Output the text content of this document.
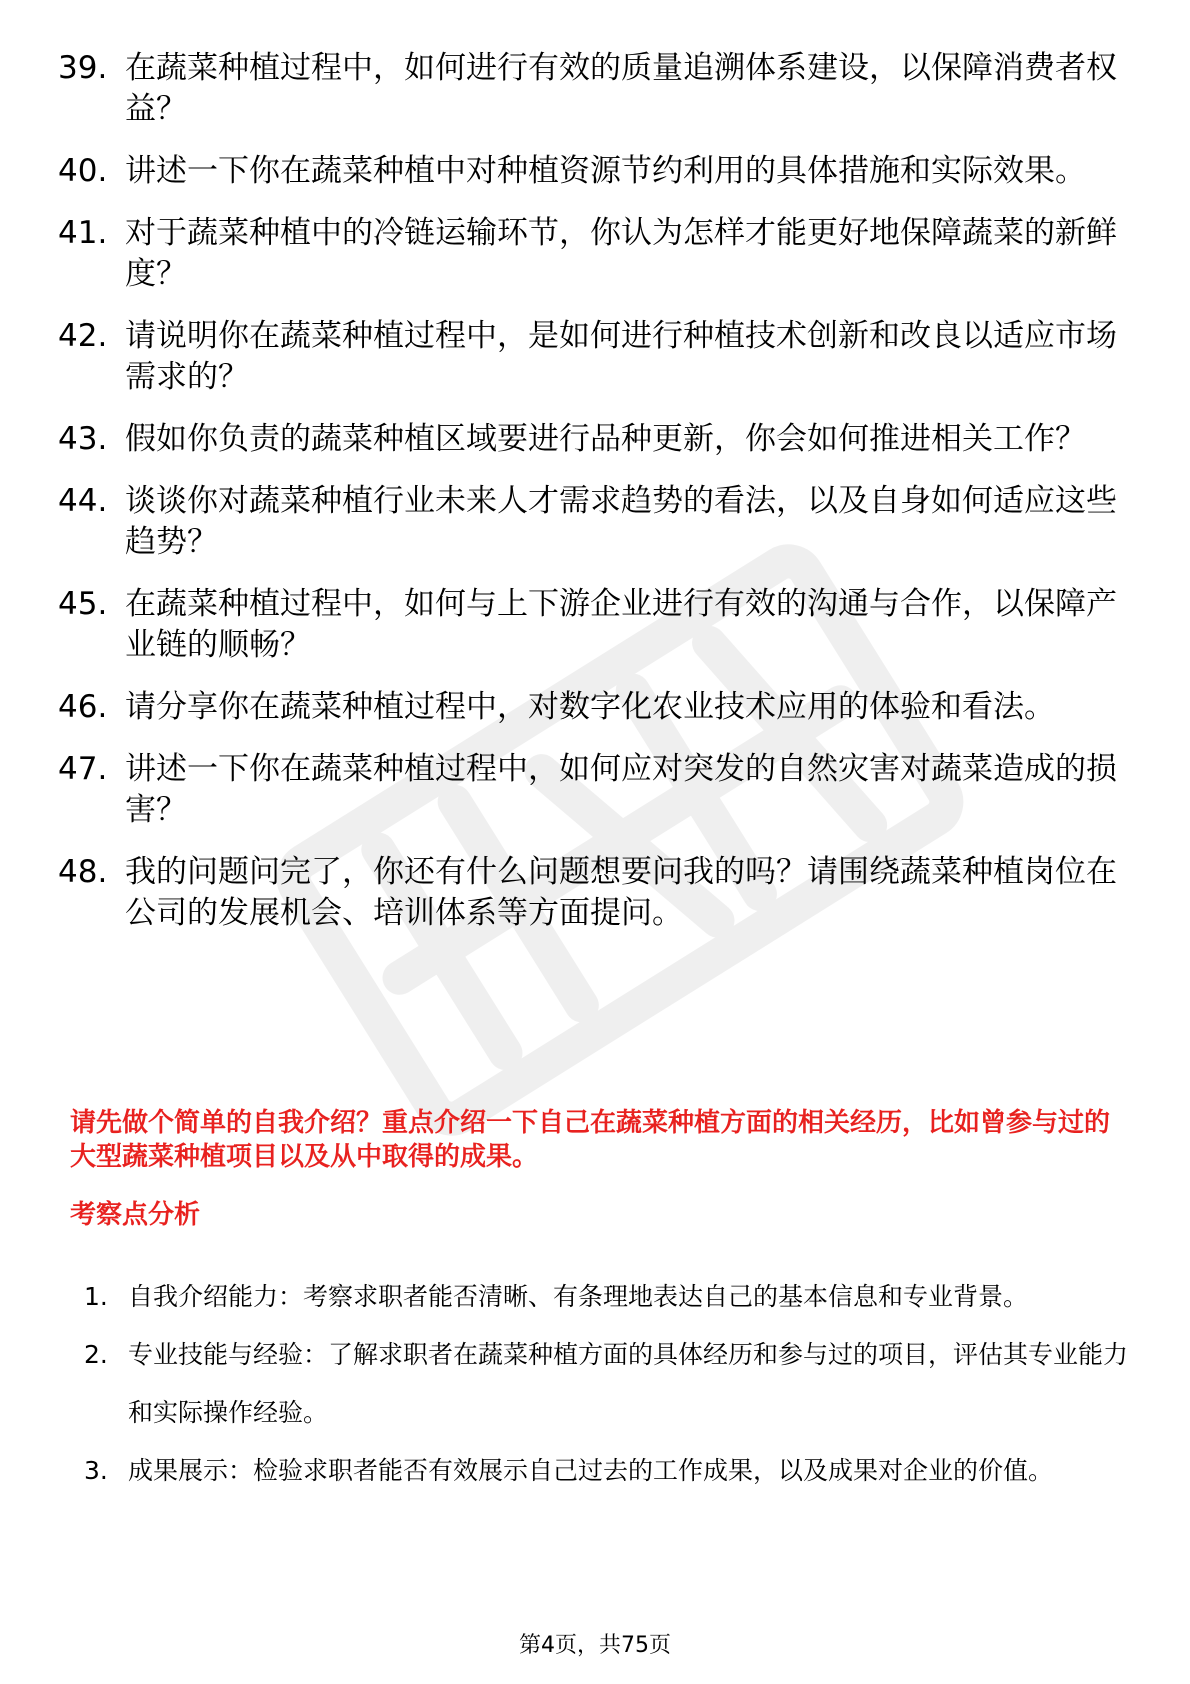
39. 在蔬菜种植过程中，如何进行有效的质量追溯体系建设，以保障消费者权益？
40. 讲述一下你在蔬菜种植中对种植资源节约利用的具体措施和实际效果。
41. 对于蔬菜种植中的冷链运输环节，你认为怎样才能更好地保障蔬菜的新鲜度？
42. 请说明你在蔬菜种植过程中，是如何进行种植技术创新和改良以适应市场需求的？
43. 假如你负责的蔬菜种植区域要进行品种更新，你会如何推进相关工作？
44. 谈谈你对蔬菜种植行业未来人才需求趋势的看法，以及自身如何适应这些趋势？
45. 在蔬菜种植过程中，如何与上下游企业进行有效的沟通与合作，以保障产业链的顺畅？
46. 请分享你在蔬菜种植过程中，对数字化农业技术应用的体验和看法。
47. 讲述一下你在蔬菜种植过程中，如何应对突发的自然灾害对蔬菜造成的损害？
48. 我的问题问完了，你还有什么问题想要问我的吗？请围绕蔬菜种植岗位在公司的发展机会、培训体系等方面提问。

请先做个简单的自我介绍？重点介绍一下自己在蔬菜种植方面的相关经历，比如曾参与过的大型蔬菜种植项目以及从中取得的成果。

考察点分析

1. 自我介绍能力：考察求职者能否清晰、有条理地表达自己的基本信息和专业背景。
2. 专业技能与经验：了解求职者在蔬菜种植方面的具体经历和参与过的项目，评估其专业能力和实际操作经验。
3. 成果展示：检验求职者能否有效展示自己过去的工作成果，以及成果对企业的价值。
第4页，共75页
